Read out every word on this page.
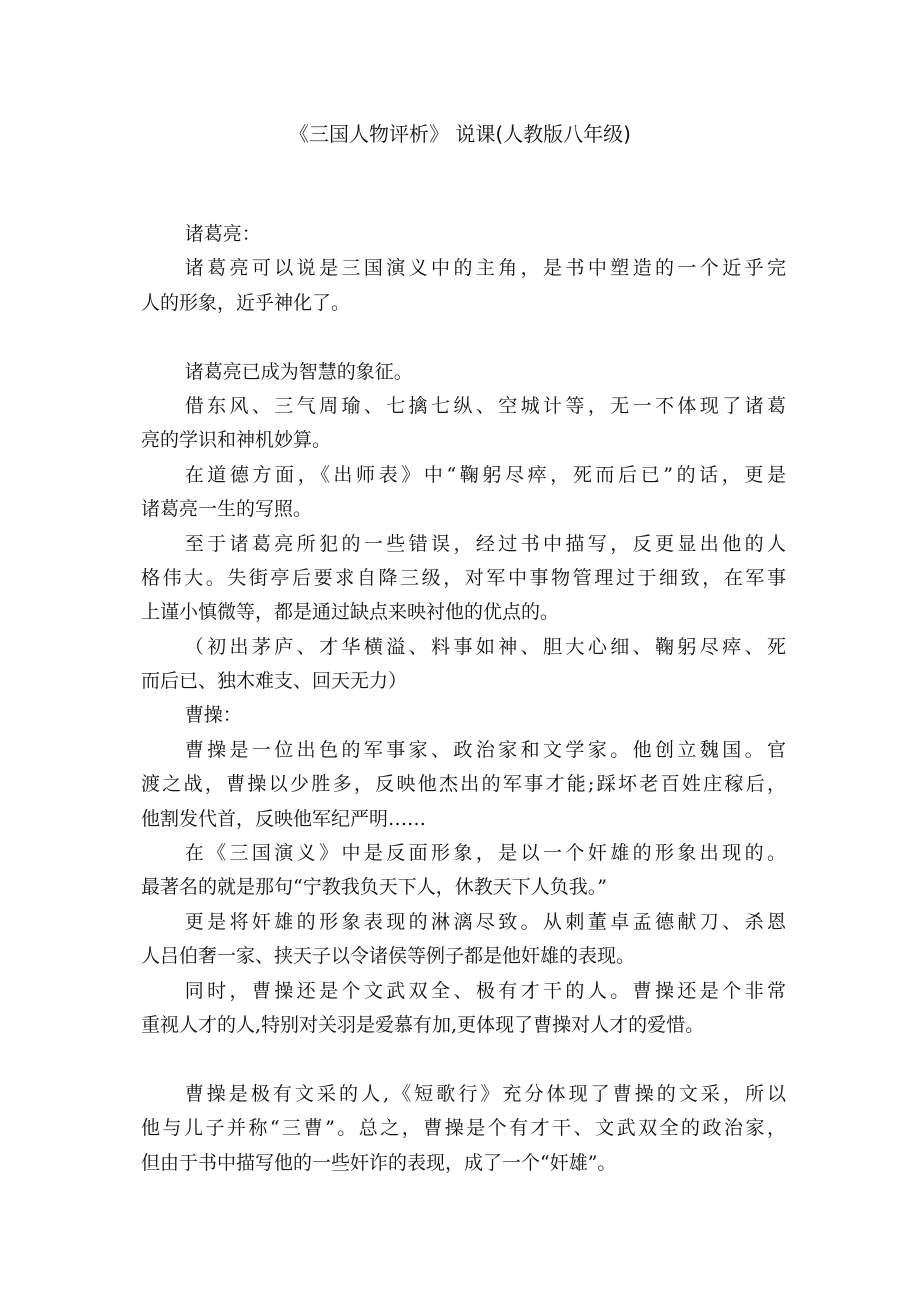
《三国人物评析》 说课(人教版八年级)
诸葛亮：
诸葛亮可以说是三国演义中的主角，是书中塑造的一个近乎完
人的形象，近乎神化了。
诸葛亮已成为智慧的象征。
借东风、三气周瑜、七擒七纵、空城计等，无一不体现了诸葛
亮的学识和神机妙算。
在道德方面，《出师表》中“鞠躬尽瘁，死而后已”的话，更是
诸葛亮一生的写照。
至于诸葛亮所犯的一些错误，经过书中描写，反更显出他的人
格伟大。失街亭后要求自降三级，对军中事物管理过于细致，在军事
上谨小慎微等，都是通过缺点来映衬他的优点的。
（初出茅庐、才华横溢、料事如神、胆大心细、鞠躬尽瘁、死
而后已、独木难支、回天无力）
曹操：
曹操是一位出色的军事家、政治家和文学家。他创立魏国。官
渡之战，曹操以少胜多，反映他杰出的军事才能;踩坏老百姓庄稼后，
他割发代首，反映他军纪严明……
在《三国演义》中是反面形象，是以一个奸雄的形象出现的。
最著名的就是那句“宁教我负天下人，休教天下人负我。”
更是将奸雄的形象表现的淋漓尽致。从刺董卓孟德献刀、杀恩
人吕伯奢一家、挟天子以令诸侯等例子都是他奸雄的表现。
同时，曹操还是个文武双全、极有才干的人。曹操还是个非常
重视人才的人,特别对关羽是爱慕有加,更体现了曹操对人才的爱惜。
曹操是极有文采的人,《短歌行》充分体现了曹操的文采，所以
他与儿子并称“三曹”。总之，曹操是个有才干、文武双全的政治家，
但由于书中描写他的一些奸诈的表现，成了一个“奸雄”。
